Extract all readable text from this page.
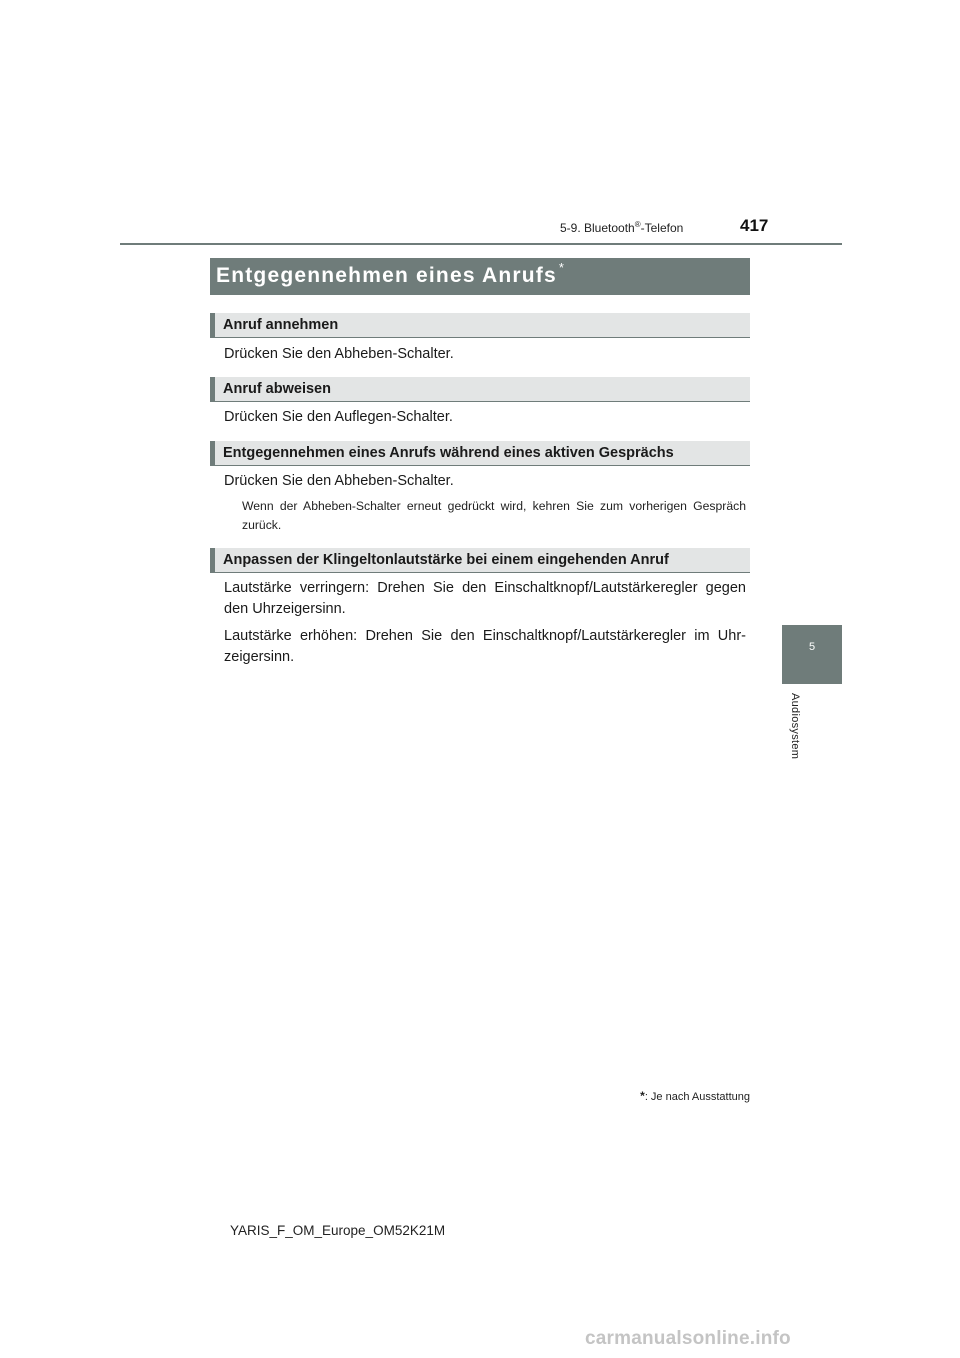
5-9. Bluetooth®-Telefon	417
Entgegennehmen eines Anrufs *
Anruf annehmen
Drücken Sie den Abheben-Schalter.
Anruf abweisen
Drücken Sie den Auflegen-Schalter.
Entgegennehmen eines Anrufs während eines aktiven Gesprächs
Drücken Sie den Abheben-Schalter.
Wenn der Abheben-Schalter erneut gedrückt wird, kehren Sie zum vorherigen Gespräch zurück.
Anpassen der Klingeltonlautstärke bei einem eingehenden Anruf
Lautstärke verringern: Drehen Sie den Einschaltknopf/Lautstärkeregler gegen den Uhrzeigersinn.
Lautstärke erhöhen: Drehen Sie den Einschaltknopf/Lautstärkeregler im Uhr-zeigersinn.
5
Audiosystem
*: Je nach Ausstattung
YARIS_F_OM_Europe_OM52K21M
carmanualsonline.info
